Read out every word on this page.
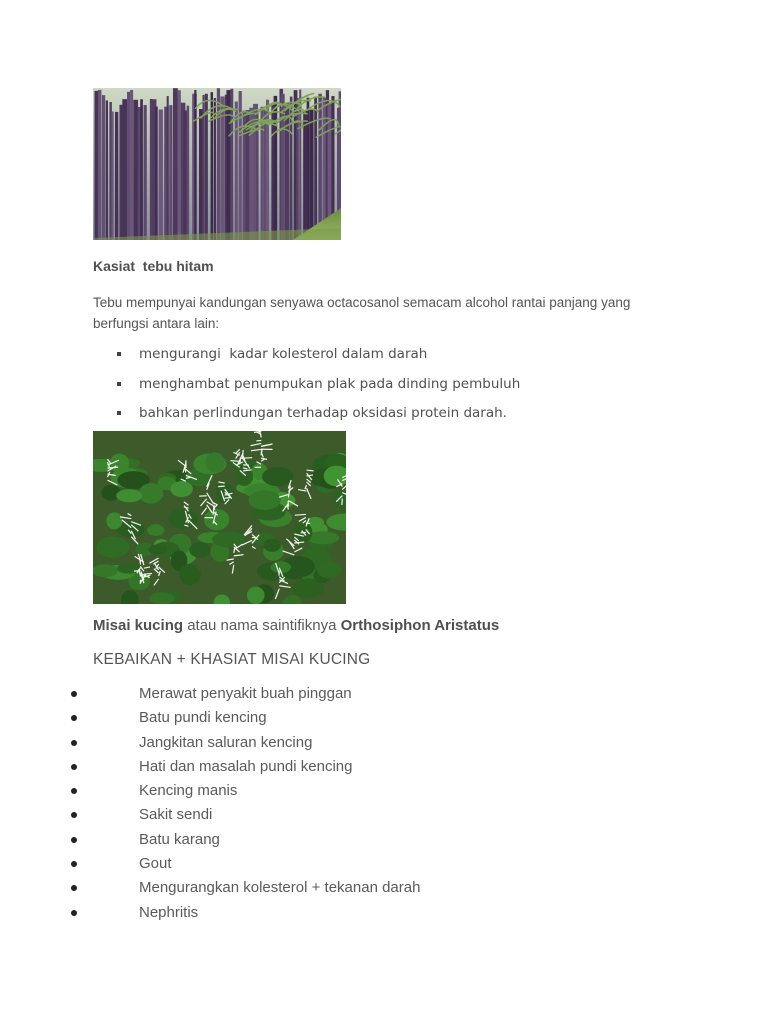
Kasiat  tebu hitam
Tebu mempunyai kandungan senyawa octacosanol semacam alcohol rantai panjang yang berfungsi antara lain:
mengurangi  kadar kolesterol dalam darah
menghambat penumpukan plak pada dinding pembuluh
bahkan perlindungan terhadap oksidasi protein darah.
Misai kucing atau nama saintifiknya Orthosiphon Aristatus
KEBAIKAN + KHASIAT MISAI KUCING
Merawat penyakit buah pinggan
Batu pundi kencing
Jangkitan saluran kencing
Hati dan masalah pundi kencing
Kencing manis
Sakit sendi
Batu karang
Gout
Mengurangkan kolesterol + tekanan darah
Nephritis
